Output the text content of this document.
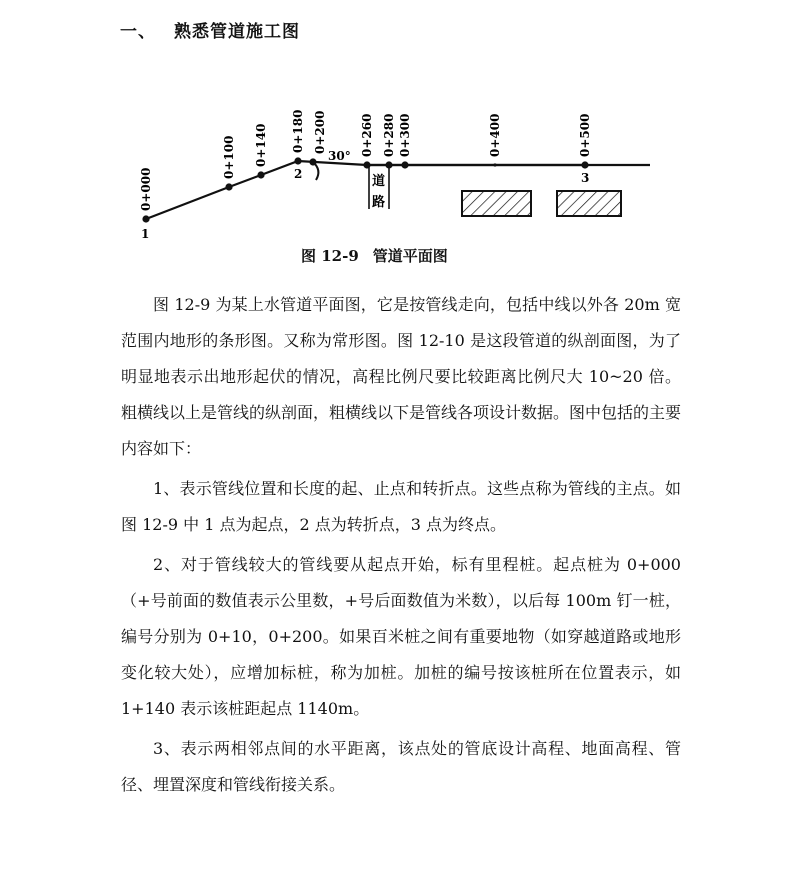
一、 熟悉管道施工图
0+000
0+100 0+140 0+180 0+200	0+260 0+280 0+300	0+400	0+500
1
2	3
30°
道
路
图 12-9 管道平面图

图 12-9 为某上水管道平面图，它是按管线走向，包括中线以外各 20m 宽范围内地形的条形图。又称为常形图。图 12-10 是这段管道的纵剖面图，为了明显地表示出地形起伏的情况，高程比例尺要比较距离比例尺大 10~20 倍。粗横线以上是管线的纵剖面，粗横线以下是管线各项设计数据。图中包括的主要内容如下：

1、表示管线位置和长度的起、止点和转折点。这些点称为管线的主点。如图 12-9 中 1 点为起点，2 点为转折点，3 点为终点。

2、对于管线较大的管线要从起点开始，标有里程桩。起点桩为 0+000（+号前面的数值表示公里数，+号后面数值为米数），以后每 100m 钉一桩，编号分别为 0+10，0+200。如果百米桩之间有重要地物（如穿越道路或地形变化较大处），应增加标桩，称为加桩。加桩的编号按该桩所在位置表示，如 1+140 表示该桩距起点 1140m。

3、表示两相邻点间的水平距离，该点处的管底设计高程、地面高程、管径、埋置深度和管线衔接关系。
